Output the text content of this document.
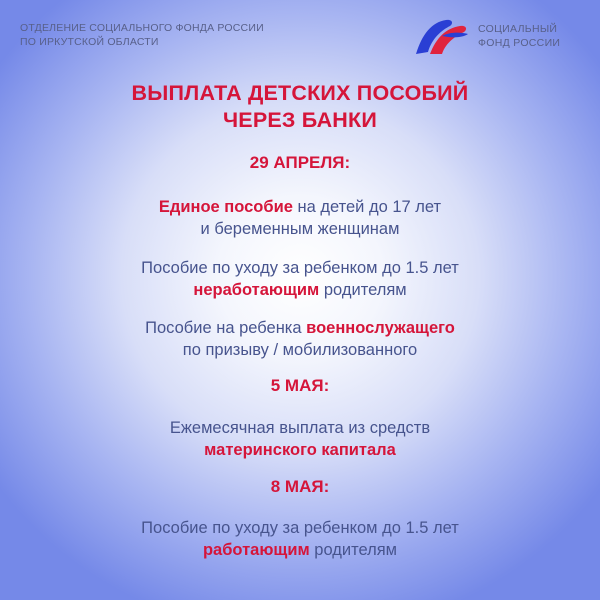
ОТДЕЛЕНИЕ СОЦИАЛЬНОГО ФОНДА РОССИИ
ПО ИРКУТСКОЙ ОБЛАСТИ
СОЦИАЛЬНЫЙ
ФОНД РОССИИ
ВЫПЛАТА ДЕТСКИХ ПОСОБИЙ
ЧЕРЕЗ БАНКИ
29 АПРЕЛЯ:
Единое пособие на детей до 17 лет
и беременным женщинам
Пособие по уходу за ребенком до 1.5 лет
неработающим родителям
Пособие на ребенка военнослужащего
по призыву / мобилизованного
5 МАЯ:
Ежемесячная выплата из средств
материнского капитала
8 МАЯ:
Пособие по уходу за ребенком до 1.5 лет
работающим родителям
